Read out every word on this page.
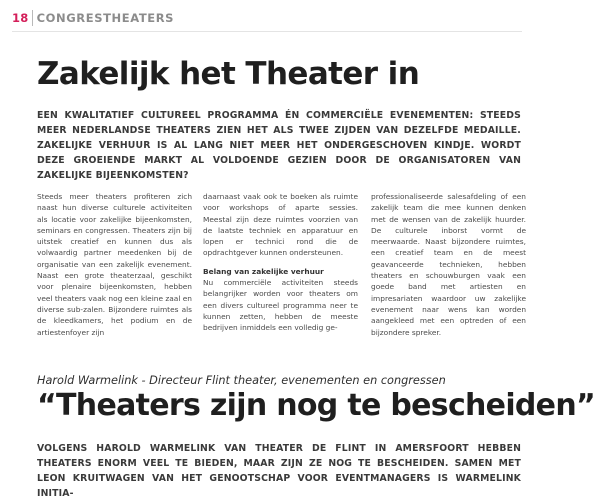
18 CONGRESTHEATERS
Zakelijk het Theater in

EEN KWALITATIEF CULTUREEL PROGRAMMA ÉN COMMERCIËLE EVENEMENTEN: STEEDS MEER NEDERLANDSE THEATERS ZIEN HET ALS TWEE ZIJDEN VAN DEZELFDE MEDAILLE. ZAKELIJKE VERHUUR IS AL LANG NIET MEER HET ONDERGESCHOVEN KINDJE. WORDT DEZE GROEIENDE MARKT AL VOLDOENDE GEZIEN DOOR DE ORGANISATOREN VAN ZAKELIJKE BIJEENKOMSTEN?

Steeds meer theaters profiteren zich naast hun diverse culturele activiteiten als locatie voor zakelijke bijeenkomsten, seminars en congressen. Theaters zijn bij uitstek creatief en kunnen dus als volwaardig partner meedenken bij de organisatie van een zakelijk evenement. Naast een grote theaterzaal, geschikt voor plenaire bijeenkomsten, hebben veel theaters vaak nog een kleine zaal en diverse sub-zalen. Bijzondere ruimtes als de kleedkamers, het podium en de artiestenfoyer zijn

daarnaast vaak ook te boeken als ruimte voor workshops of aparte sessies. Meestal zijn deze ruimtes voorzien van de laatste techniek en apparatuur en lopen er technici rond die de opdrachtgever kunnen ondersteunen.
Belang van zakelijke verhuur
Nu commerciële activiteiten steeds belangrijker worden voor theaters om een divers cultureel programma neer te kunnen zetten, hebben de meeste bedrijven inmiddels een volledig ge-

professionaliseerde salesafdeling of een zakelijk team die mee kunnen denken met de wensen van de zakelijk huurder. De culturele inborst vormt de meerwaarde. Naast bijzondere ruimtes, een creatief team en de meest geavanceerde technieken, hebben theaters en schouwburgen vaak een goede band met artiesten en impresariaten waardoor uw zakelijke evenement naar wens kan worden aangekleed met een optreden of een bijzondere spreker.

Harold Warmelink - Directeur Flint theater, evenementen en congressen

“Theaters zijn nog te bescheiden”

VOLGENS HAROLD WARMELINK VAN THEATER DE FLINT IN AMERSFOORT HEBBEN THEATERS ENORM VEEL TE BIEDEN, MAAR ZIJN ZE NOG TE BESCHEIDEN. SAMEN MET LEON KRUITWAGEN VAN HET GENOOTSCHAP VOOR EVENTMANAGERS IS WARMELINK INITIA-
